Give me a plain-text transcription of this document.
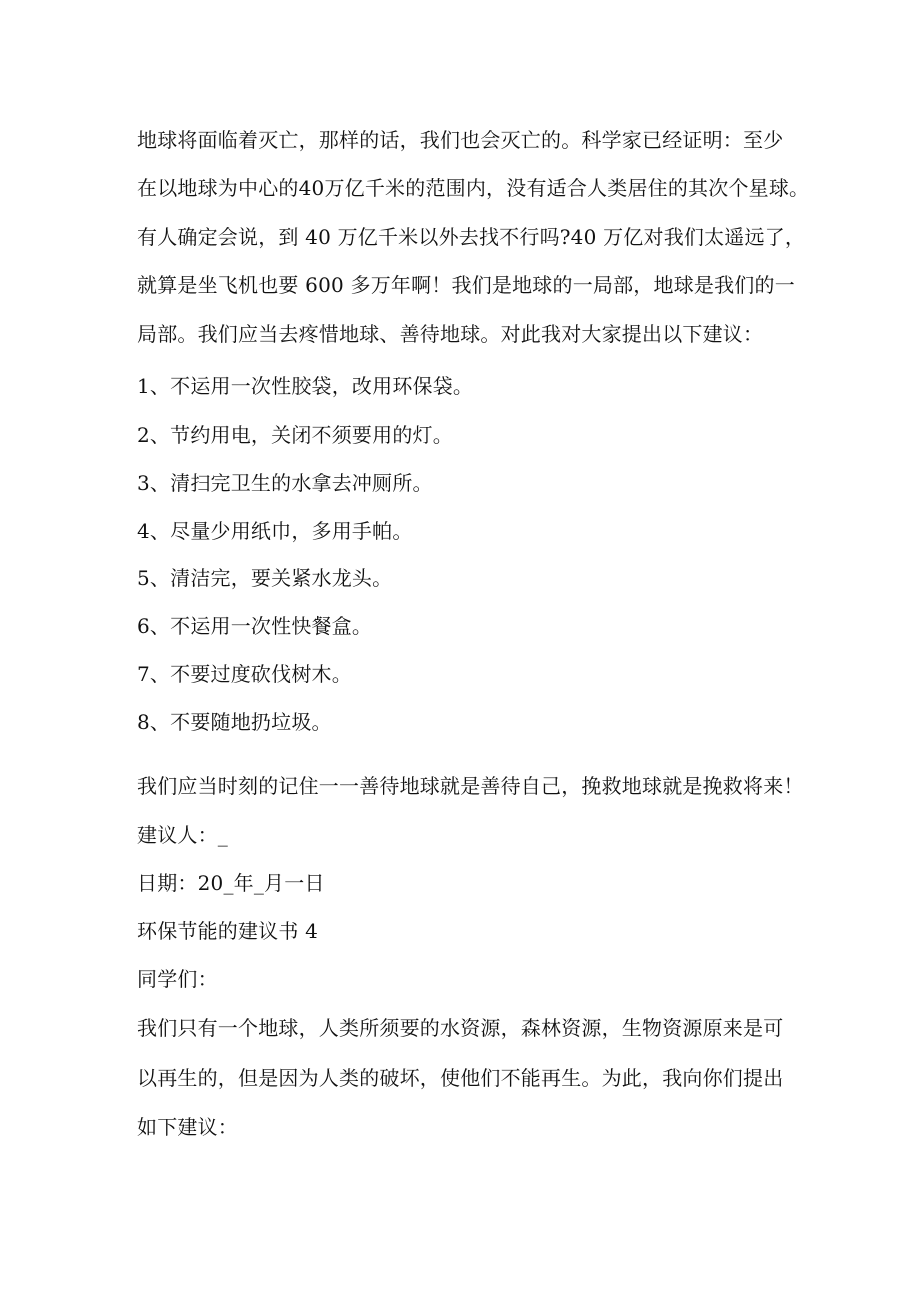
地球将面临着灭亡，那样的话，我们也会灭亡的。科学家已经证明：至少
在以地球为中心的40万亿千米的范围内，没有适合人类居住的其次个星球。
有人确定会说，到 40 万亿千米以外去找不行吗?40 万亿对我们太遥远了，
就算是坐飞机也要 600 多万年啊！我们是地球的一局部，地球是我们的一
局部。我们应当去疼惜地球、善待地球。对此我对大家提出以下建议：
1、不运用一次性胶袋，改用环保袋。
2、节约用电，关闭不须要用的灯。
3、清扫完卫生的水拿去冲厕所。
4、尽量少用纸巾，多用手帕。
5、清洁完，要关紧水龙头。
6、不运用一次性快餐盒。
7、不要过度砍伐树木。
8、不要随地扔垃圾。
我们应当时刻的记住一一善待地球就是善待自己，挽救地球就是挽救将来！
建议人：_
日期：20_年_月一日
环保节能的建议书 4
同学们：
我们只有一个地球，人类所须要的水资源，森林资源，生物资源原来是可
以再生的，但是因为人类的破坏，使他们不能再生。为此，我向你们提出
如下建议：
